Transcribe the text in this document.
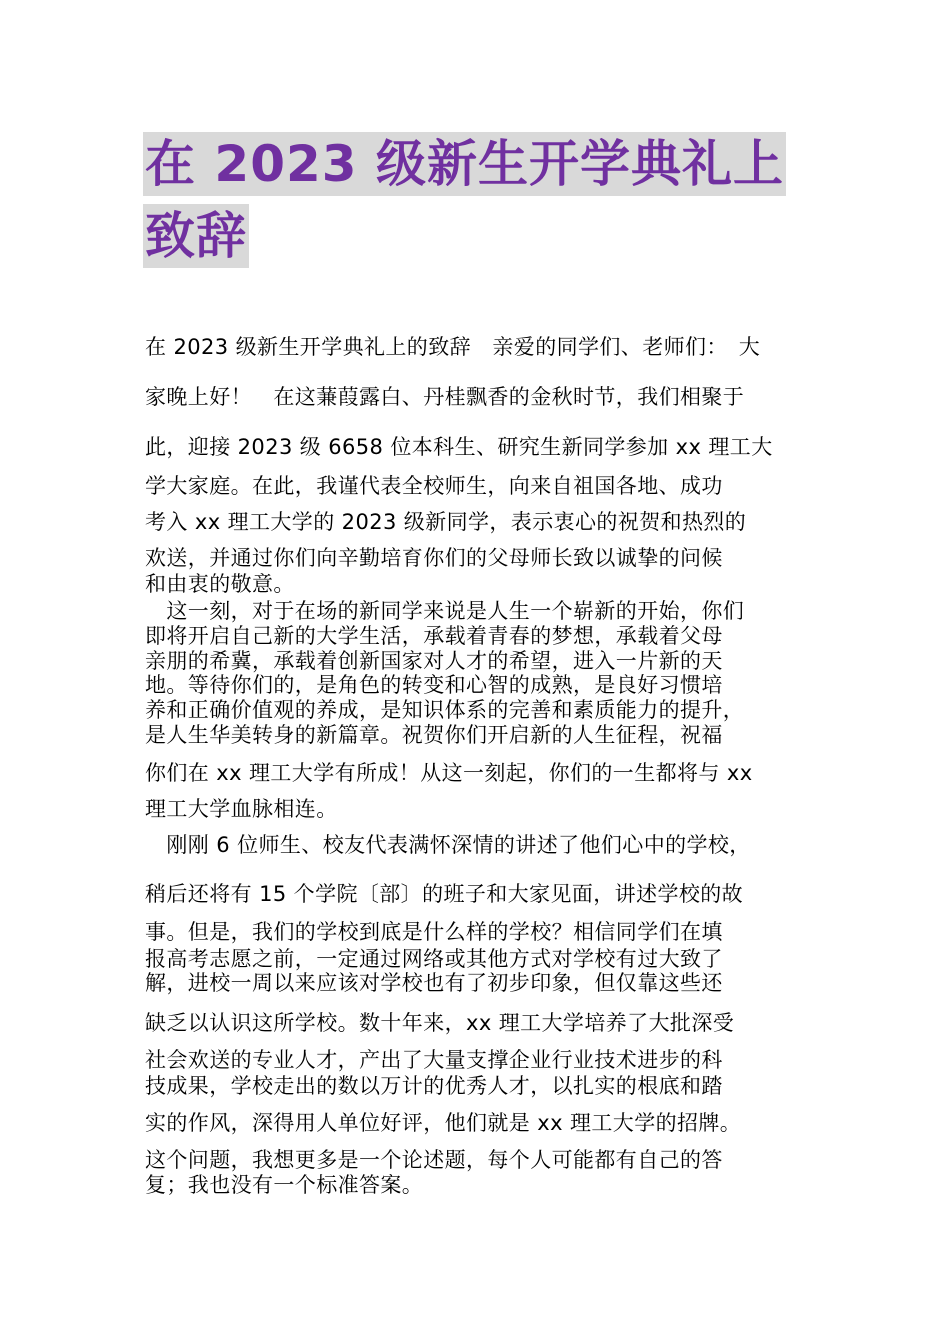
在 2023 级新生开学典礼上
致辞
在 2023 级新生开学典礼上的致辞　亲爱的同学们、老师们：　大
家晚上好！　在这蒹葭露白、丹桂飘香的金秋时节，我们相聚于
此，迎接 2023 级 6658 位本科生、研究生新同学参加 xx 理工大
学大家庭。在此，我谨代表全校师生，向来自祖国各地、成功
考入 xx 理工大学的 2023 级新同学，表示衷心的祝贺和热烈的
欢送，并通过你们向辛勤培育你们的父母师长致以诚挚的问候
和由衷的敬意。
　这一刻，对于在场的新同学来说是人生一个崭新的开始，你们
即将开启自己新的大学生活，承载着青春的梦想，承载着父母
亲朋的希冀，承载着创新国家对人才的希望，进入一片新的天
地。等待你们的，是角色的转变和心智的成熟，是良好习惯培
养和正确价值观的养成，是知识体系的完善和素质能力的提升，
是人生华美转身的新篇章。祝贺你们开启新的人生征程，祝福
你们在 xx 理工大学有所成！从这一刻起，你们的一生都将与 xx
理工大学血脉相连。
　刚刚 6 位师生、校友代表满怀深情的讲述了他们心中的学校，
稍后还将有 15 个学院〔部〕的班子和大家见面，讲述学校的故
事。但是，我们的学校到底是什么样的学校？相信同学们在填
报高考志愿之前，一定通过网络或其他方式对学校有过大致了
解，进校一周以来应该对学校也有了初步印象，但仅靠这些还
缺乏以认识这所学校。数十年来，xx 理工大学培养了大批深受
社会欢送的专业人才，产出了大量支撑企业行业技术进步的科
技成果，学校走出的数以万计的优秀人才，以扎实的根底和踏
实的作风，深得用人单位好评，他们就是 xx 理工大学的招牌。
这个问题，我想更多是一个论述题，每个人可能都有自己的答
复；我也没有一个标准答案。
